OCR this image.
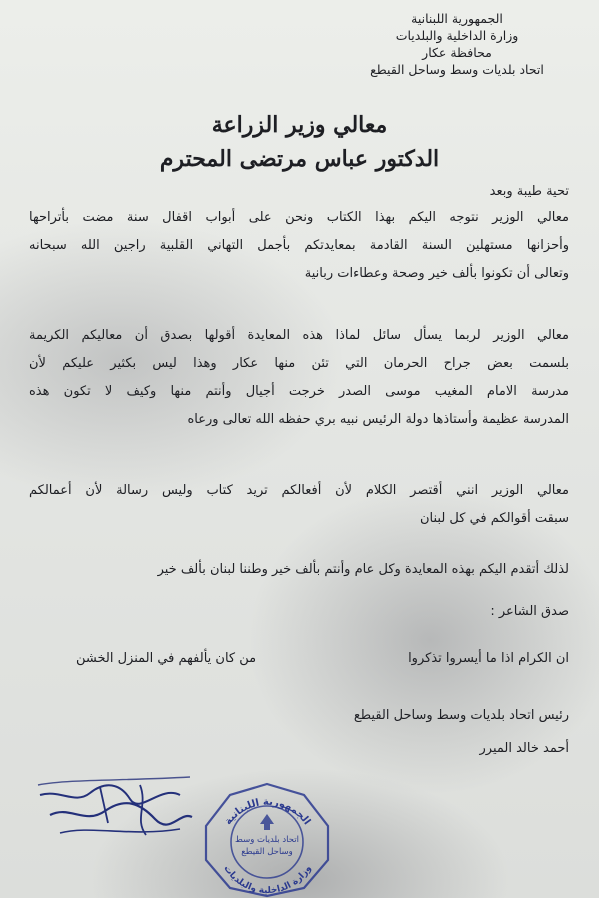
الجمهورية اللبنانية
وزارة الداخلية والبلديات
محافظة عكار
اتحاد بلديات وسط وساحل القيطع
معالي وزير الزراعة
الدكتور عباس مرتضى المحترم
تحية طيبة وبعد
معالي الوزير نتوجه اليكم بهذا الكتاب ونحن على أبواب اقفال سنة مضت بأتراحها
وأحزانها مستهلين السنة القادمة بمعايدتكم بأجمل التهاني القلبية راجين الله سبحانه
وتعالى أن تكونوا بألف خير وصحة وعطاءات ربانية
معالي الوزير لربما يسأل سائل لماذا هذه المعايدة أقولها بصدق أن معاليكم الكريمة
بلسمت بعض جراح الحرمان التي تئن منها عكار وهذا ليس بكثير عليكم لأن
مدرسة الامام المغيب موسى الصدر خرجت أجيال وأنتم منها وكيف لا تكون هذه
المدرسة عظيمة وأستاذها دولة الرئيس نبيه بري حفظه الله تعالى ورعاه
معالي الوزير انني أقتصر الكلام لأن أفعالكم تريد كتاب وليس رسالة لأن أعمالكم
سبقت أقوالكم في كل لبنان
لذلك أتقدم اليكم بهذه المعايدة وكل عام وأنتم بألف خير وطننا لبنان بألف خير
صدق الشاعر :
ان الكرام اذا ما أيسروا تذكروا
من كان يألفهم في المنزل الخشن
رئيس اتحاد بلديات وسط وساحل القيطع
أحمد خالد الميرر
الجمهورية اللبنانية
اتحاد بلديات وسط
وساحل القيطع
وزارة الداخلية والبلديات
